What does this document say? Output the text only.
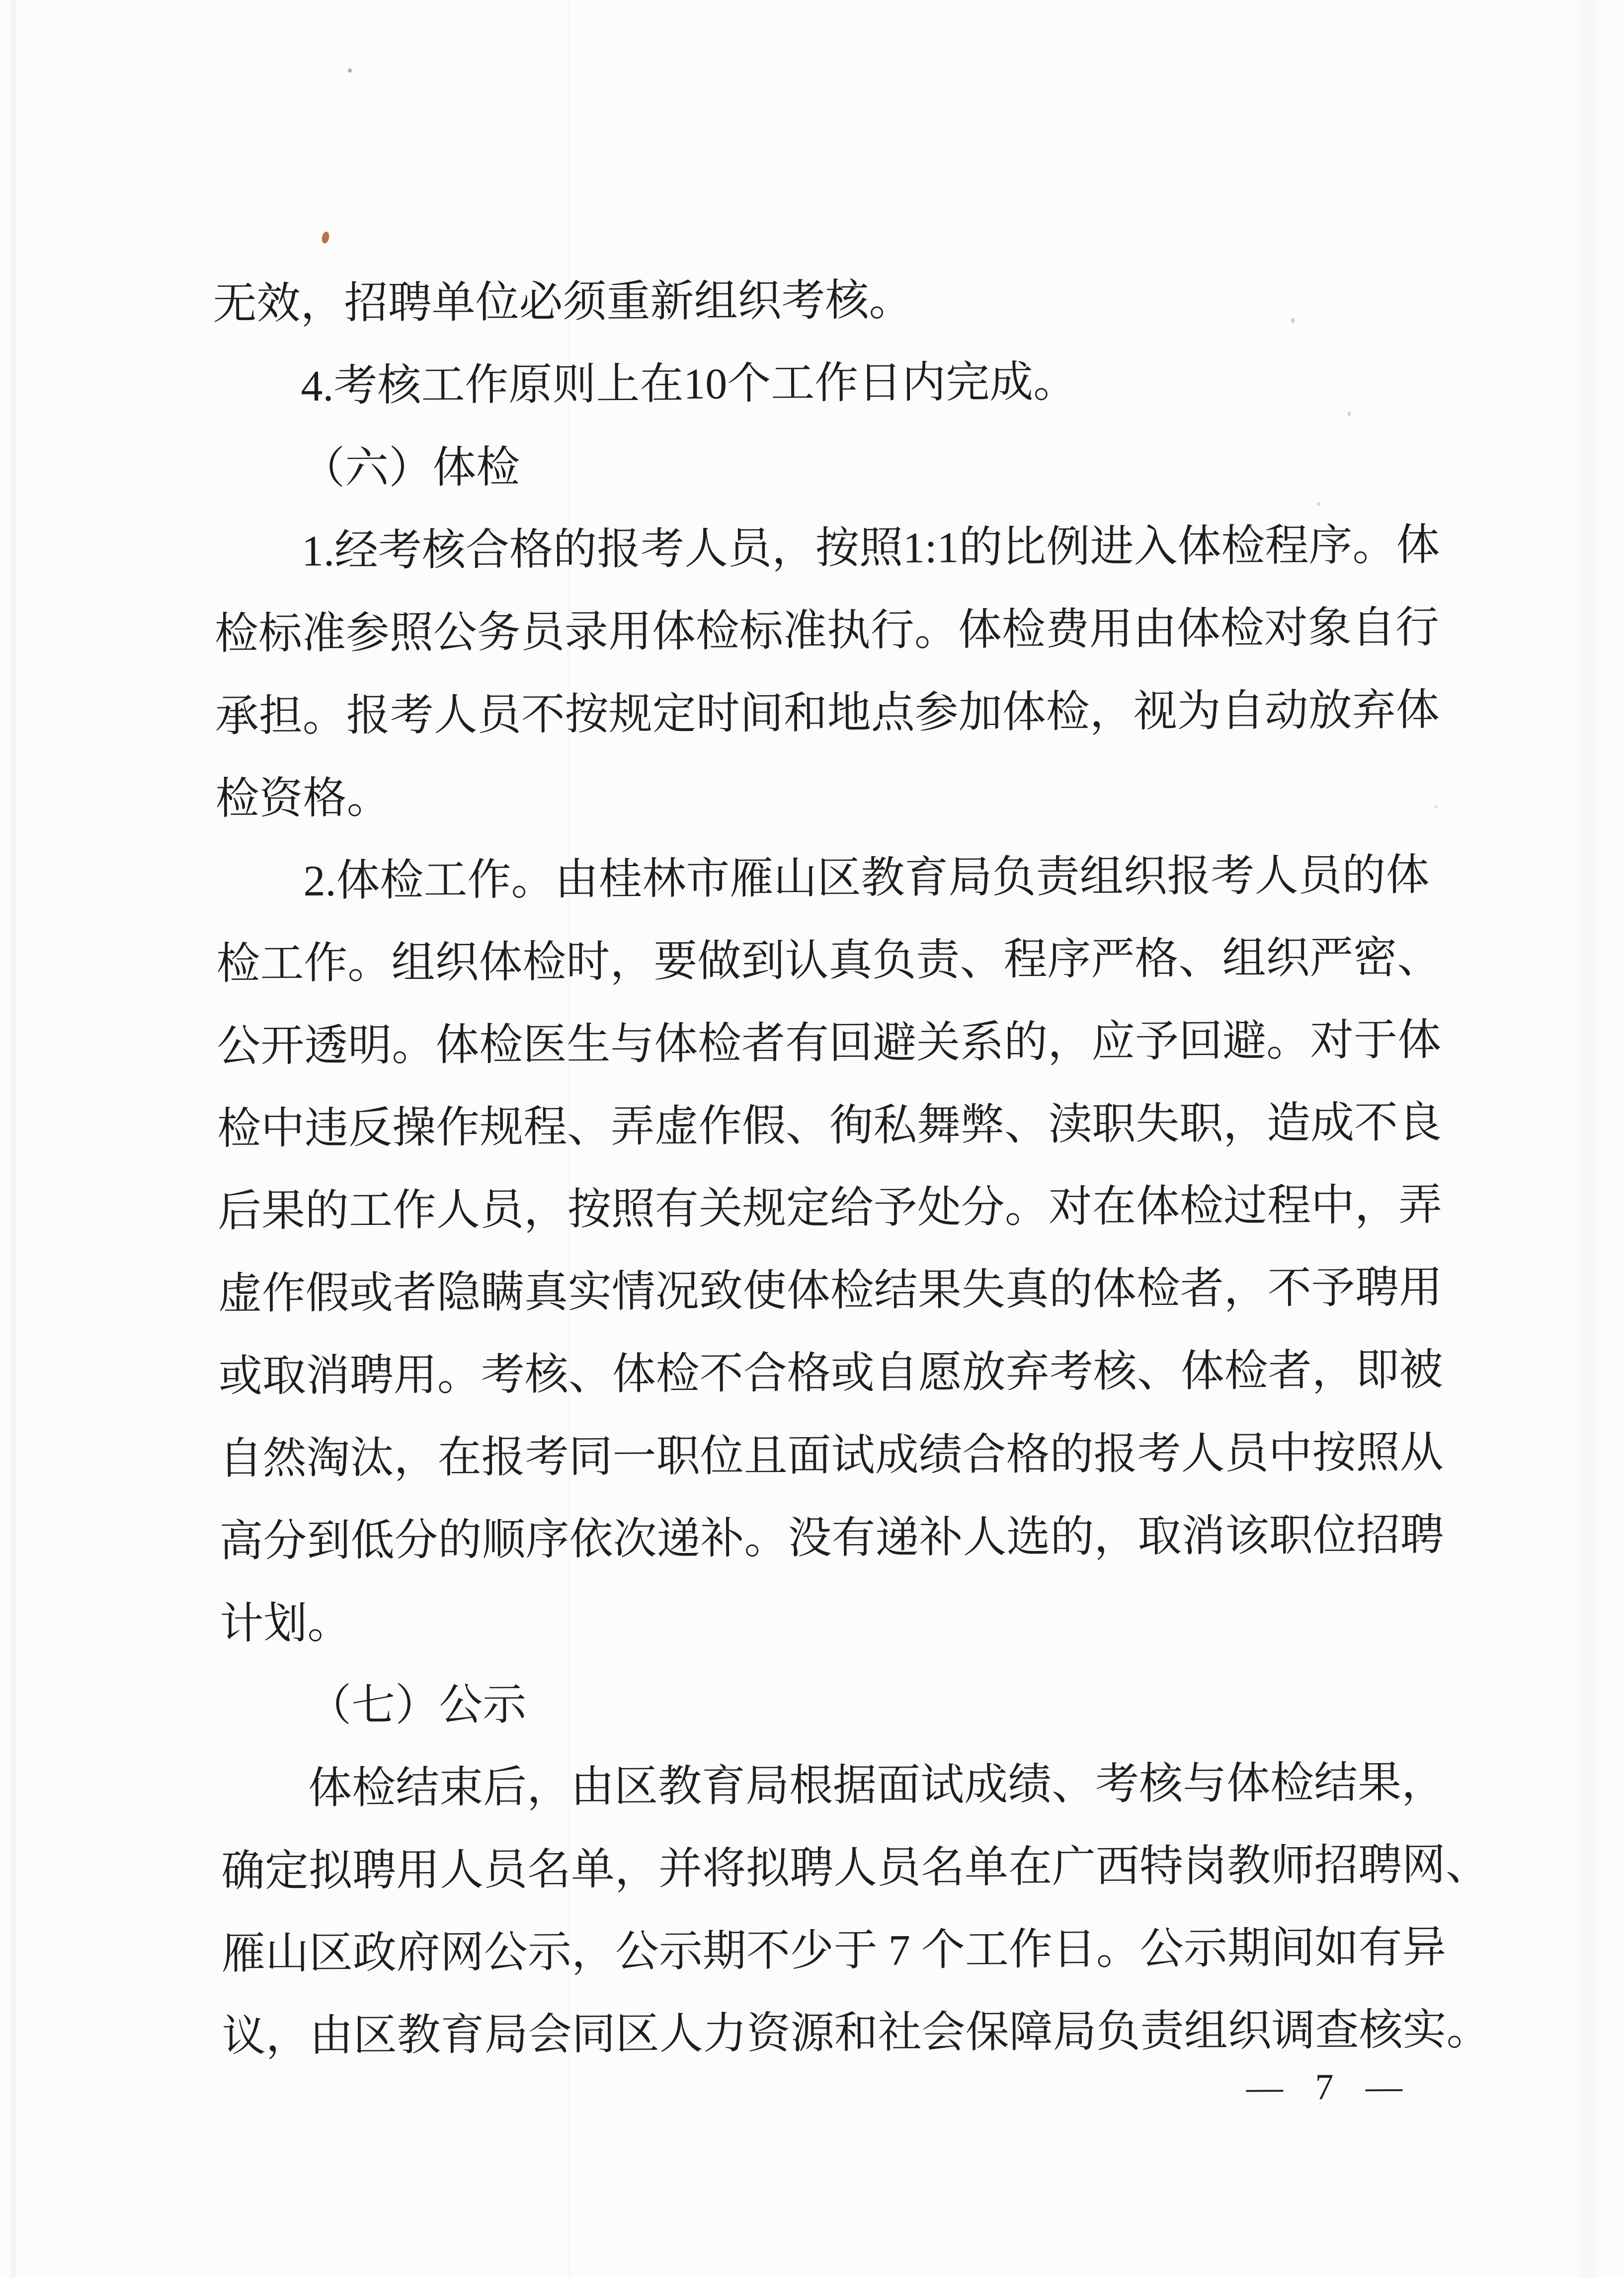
无效，招聘单位必须重新组织考核。
4.考核工作原则上在10个工作日内完成。
（六）体检
1.经考核合格的报考人员，按照1:1的比例进入体检程序。体
检标准参照公务员录用体检标准执行。体检费用由体检对象自行
承担。报考人员不按规定时间和地点参加体检，视为自动放弃体
检资格。
2.体检工作。由桂林市雁山区教育局负责组织报考人员的体
检工作。组织体检时，要做到认真负责、程序严格、组织严密、
公开透明。体检医生与体检者有回避关系的，应予回避。对于体
检中违反操作规程、弄虚作假、徇私舞弊、渎职失职，造成不良
后果的工作人员，按照有关规定给予处分。对在体检过程中，弄
虚作假或者隐瞒真实情况致使体检结果失真的体检者，不予聘用
或取消聘用。考核、体检不合格或自愿放弃考核、体检者，即被
自然淘汰，在报考同一职位且面试成绩合格的报考人员中按照从
高分到低分的顺序依次递补。没有递补人选的，取消该职位招聘
计划。
（七）公示
体检结束后，由区教育局根据面试成绩、考核与体检结果，
确定拟聘用人员名单，并将拟聘人员名单在广西特岗教师招聘网、
雁山区政府网公示，公示期不少于 7 个工作日。公示期间如有异
议，由区教育局会同区人力资源和社会保障局负责组织调查核实。
— 7 —
